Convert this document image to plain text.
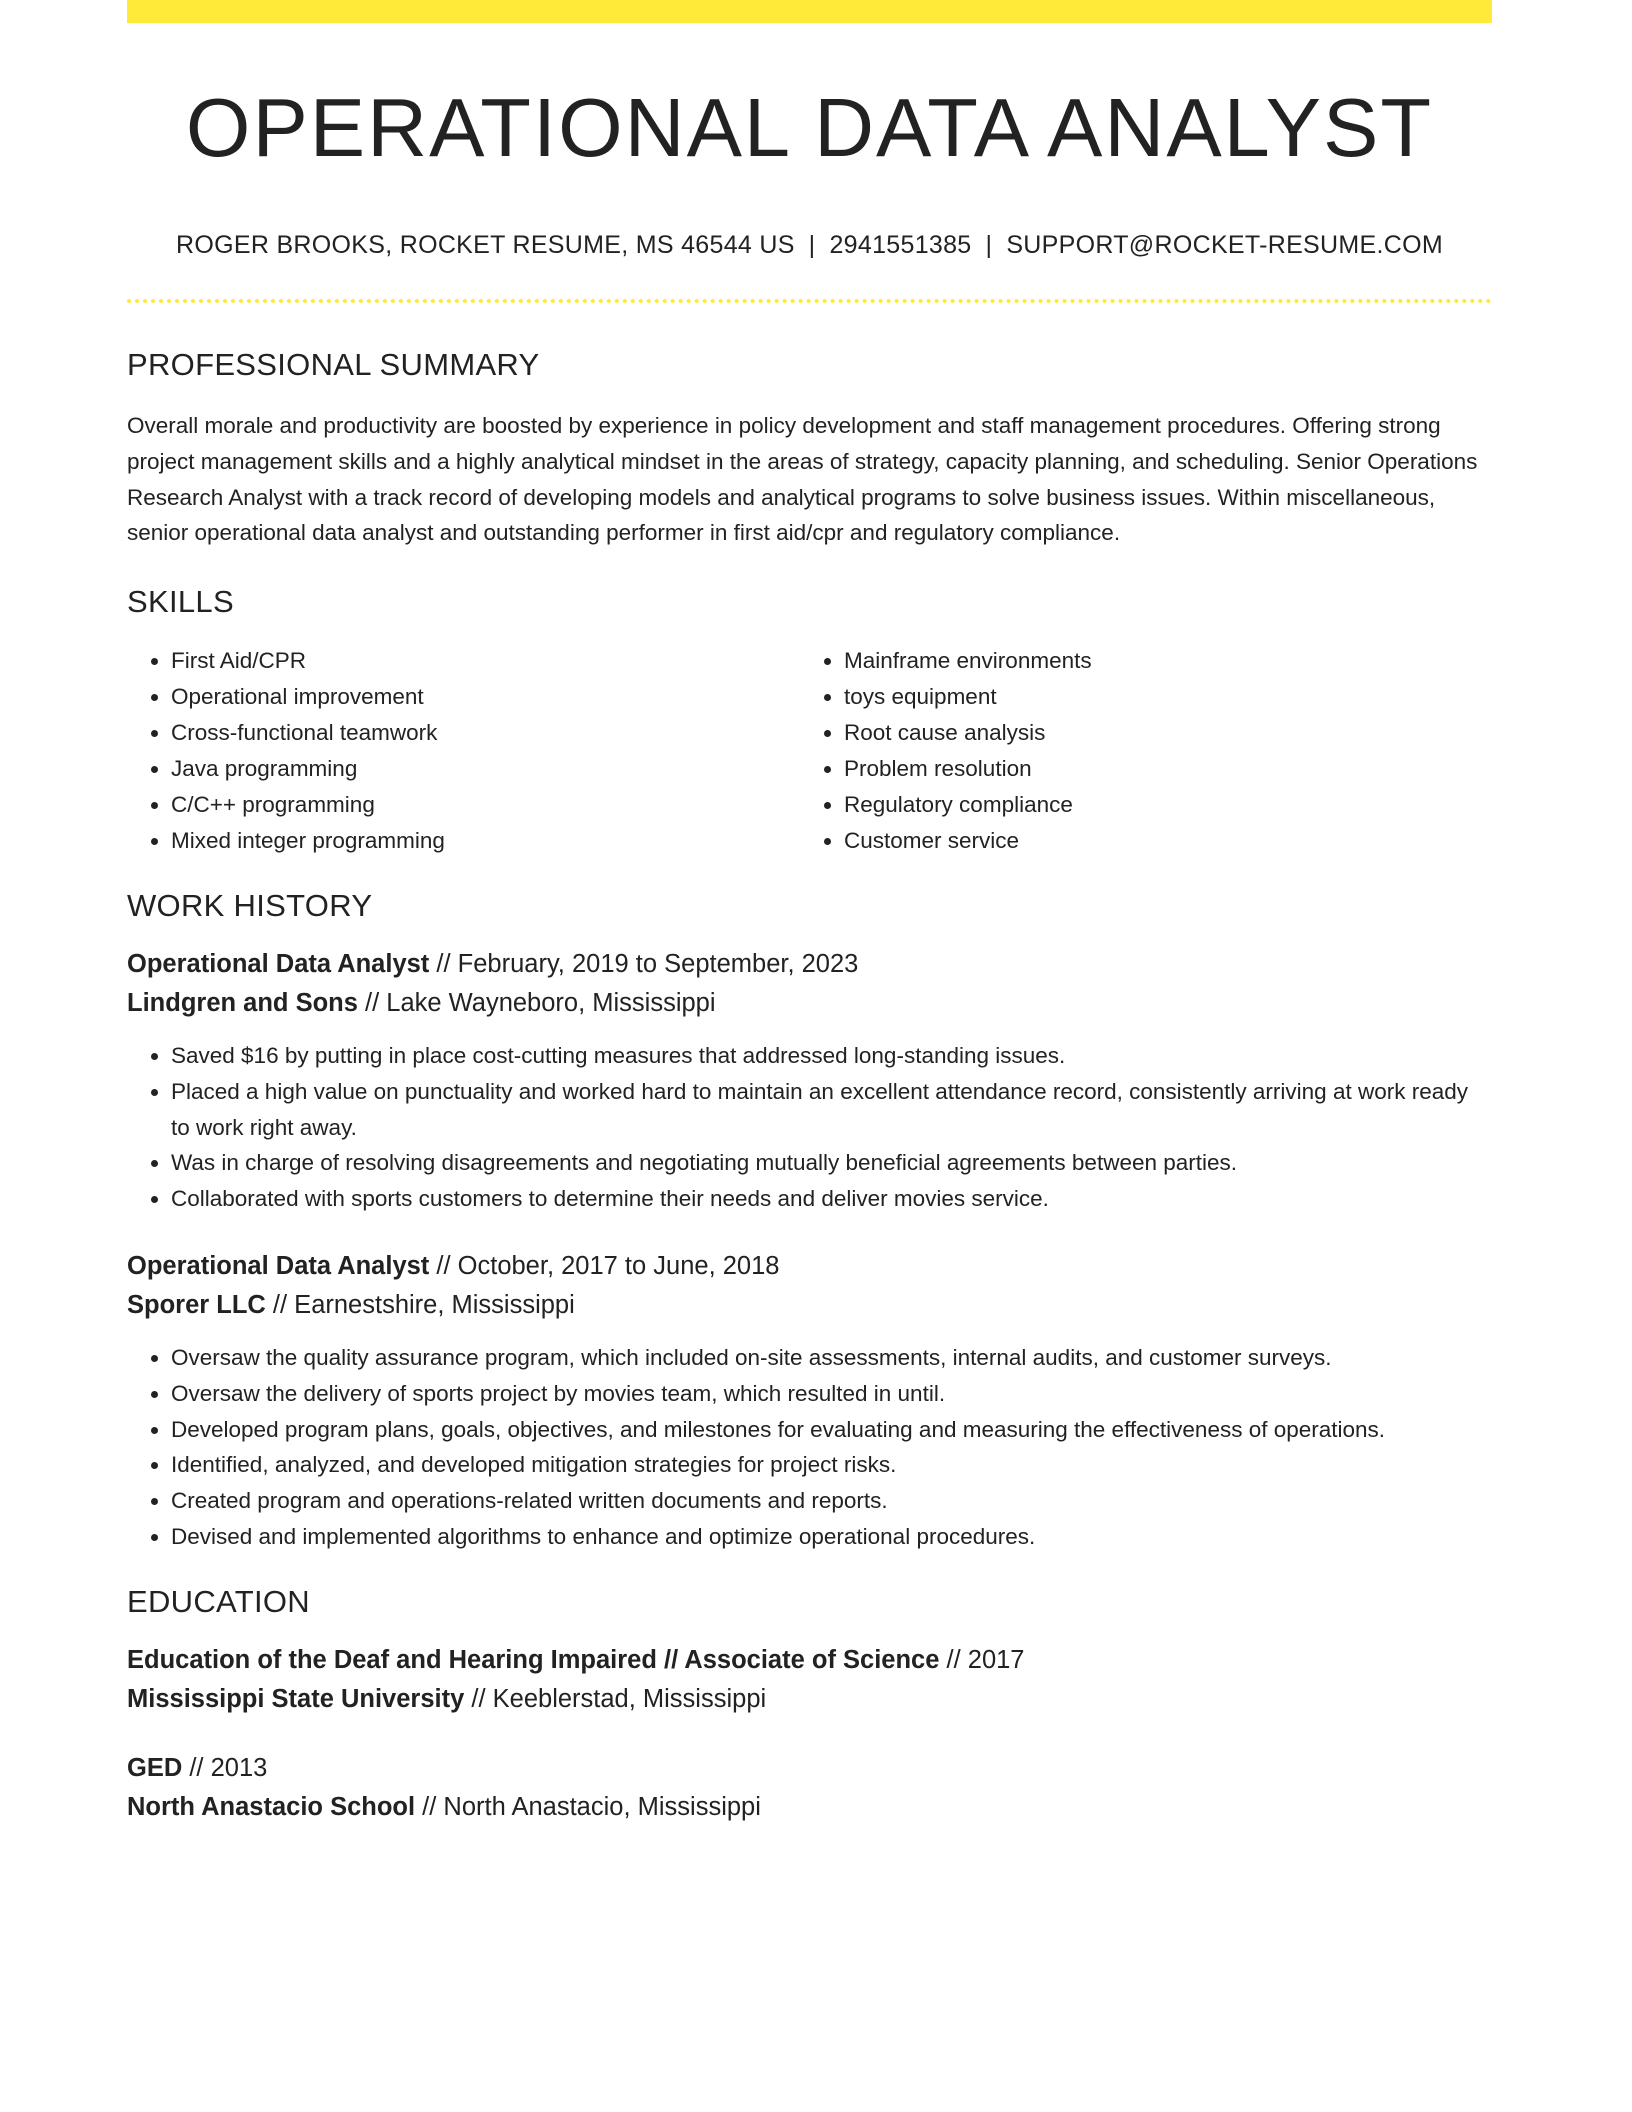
OPERATIONAL DATA ANALYST
ROGER BROOKS, ROCKET RESUME, MS 46544 US | 2941551385 | SUPPORT@ROCKET-RESUME.COM
PROFESSIONAL SUMMARY
Overall morale and productivity are boosted by experience in policy development and staff management procedures. Offering strong project management skills and a highly analytical mindset in the areas of strategy, capacity planning, and scheduling. Senior Operations Research Analyst with a track record of developing models and analytical programs to solve business issues. Within miscellaneous, senior operational data analyst and outstanding performer in first aid/cpr and regulatory compliance.
SKILLS
• First Aid/CPR
• Operational improvement
• Cross-functional teamwork
• Java programming
• C/C++ programming
• Mixed integer programming
• Mainframe environments
• toys equipment
• Root cause analysis
• Problem resolution
• Regulatory compliance
• Customer service
WORK HISTORY
Operational Data Analyst // February, 2019 to September, 2023
Lindgren and Sons // Lake Wayneboro, Mississippi
• Saved $16 by putting in place cost-cutting measures that addressed long-standing issues.
• Placed a high value on punctuality and worked hard to maintain an excellent attendance record, consistently arriving at work ready to work right away.
• Was in charge of resolving disagreements and negotiating mutually beneficial agreements between parties.
• Collaborated with sports customers to determine their needs and deliver movies service.
Operational Data Analyst // October, 2017 to June, 2018
Sporer LLC // Earnestshire, Mississippi
• Oversaw the quality assurance program, which included on-site assessments, internal audits, and customer surveys.
• Oversaw the delivery of sports project by movies team, which resulted in until.
• Developed program plans, goals, objectives, and milestones for evaluating and measuring the effectiveness of operations.
• Identified, analyzed, and developed mitigation strategies for project risks.
• Created program and operations-related written documents and reports.
• Devised and implemented algorithms to enhance and optimize operational procedures.
EDUCATION
Education of the Deaf and Hearing Impaired // Associate of Science // 2017
Mississippi State University // Keeblerstad, Mississippi
GED // 2013
North Anastacio School // North Anastacio, Mississippi
